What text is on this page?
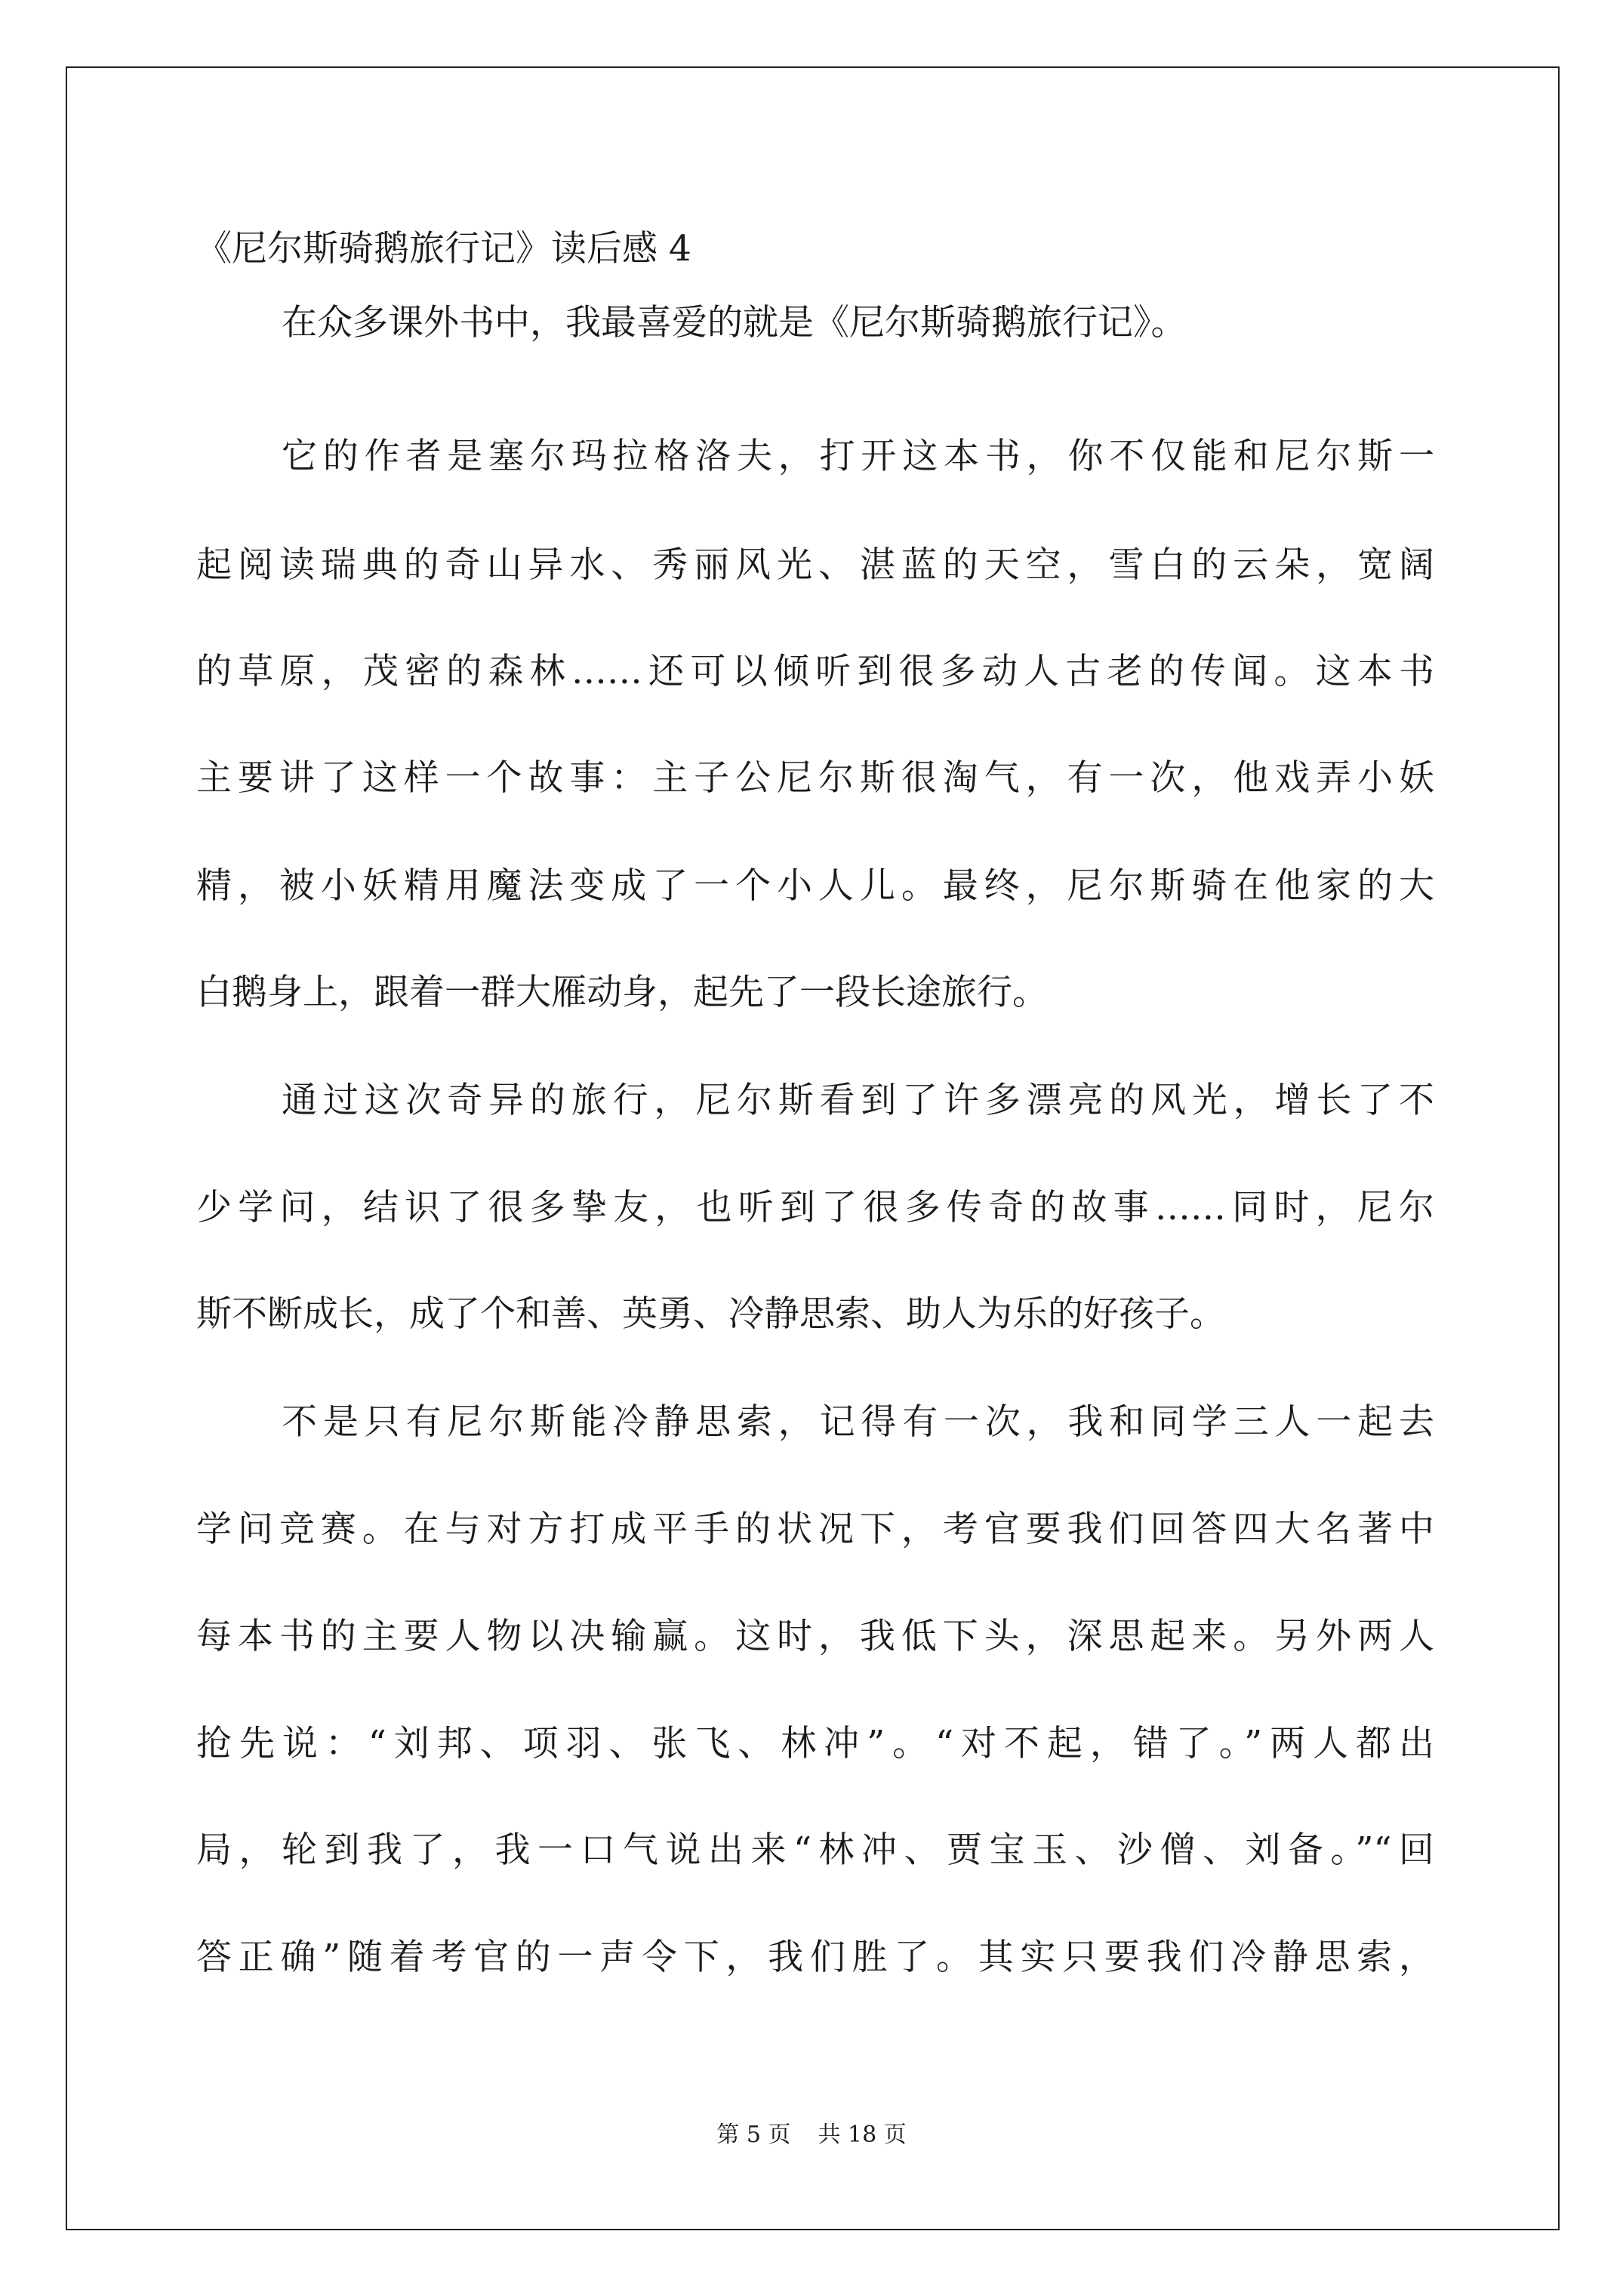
《尼尔斯骑鹅旅行记》读后感 4
在众多课外书中，我最喜爱的就是《尼尔斯骑鹅旅行记》。
它的作者是塞尔玛拉格洛夫，打开这本书，你不仅能和尼尔斯一
起阅读瑞典的奇山异水、秀丽风光、湛蓝的天空，雪白的云朵，宽阔
的草原，茂密的森林……还可以倾听到很多动人古老的传闻。这本书
主要讲了这样一个故事：主子公尼尔斯很淘气，有一次，他戏弄小妖
精，被小妖精用魔法变成了一个小人儿。最终，尼尔斯骑在他家的大
白鹅身上，跟着一群大雁动身，起先了一段长途旅行。
通过这次奇异的旅行，尼尔斯看到了许多漂亮的风光，增长了不
少学问，结识了很多挚友，也听到了很多传奇的故事……同时，尼尔
斯不断成长，成了个和善、英勇、冷静思索、助人为乐的好孩子。
不是只有尼尔斯能冷静思索，记得有一次，我和同学三人一起去
学问竞赛。在与对方打成平手的状况下，考官要我们回答四大名著中
每本书的主要人物以决输赢。这时，我低下头，深思起来。另外两人
抢先说：“刘邦、项羽、张飞、林冲”。“对不起，错了。”两人都出
局，轮到我了，我一口气说出来“林冲、贾宝玉、沙僧、刘备。”“回
答正确”随着考官的一声令下，我们胜了。其实只要我们冷静思索，
第 5 页 共 18 页
